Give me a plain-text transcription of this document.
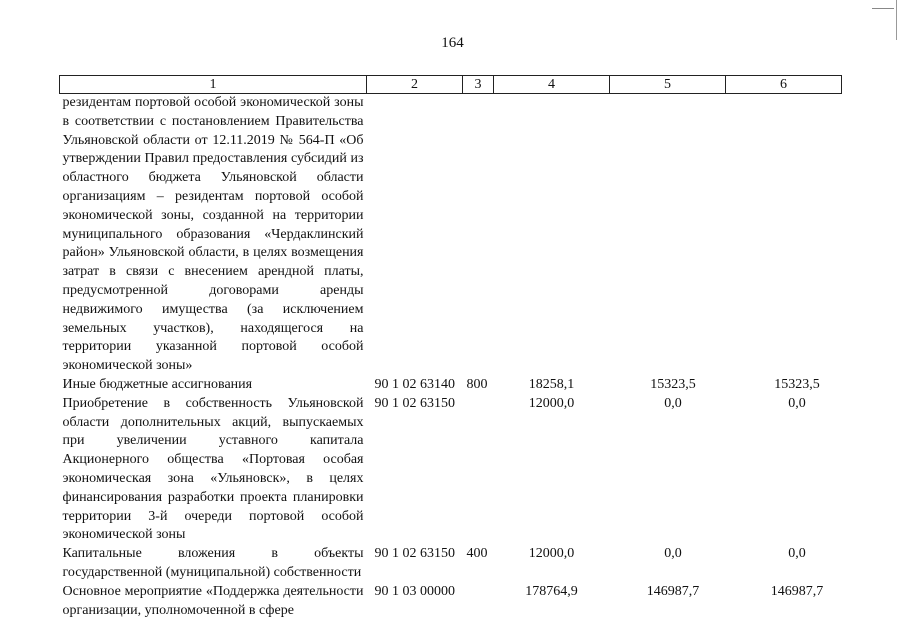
164
1	2	3	4	5	6
резидентам портовой особой экономической зоны в соответствии с постановлением Правительства Ульяновской области от 12.11.2019 № 564-П «Об утверждении Правил предоставления субсидий из областного бюджета Ульяновской области организациям – резидентам портовой особой экономической зоны, созданной на территории муниципального образования «Чердаклинский район» Ульяновской области, в целях возмещения затрат в связи с внесением арендной платы, предусмотренной договорами аренды недвижимого имущества (за исключением земельных участков), находящегося на территории указанной портовой особой экономической зоны»					
Иные бюджетные ассигнования	90 1 02 63140	800	18258,1	15323,5	15323,5
Приобретение в собственность Ульяновской области дополнительных акций, выпускаемых при увеличении уставного капитала Акционерного общества «Портовая особая экономическая зона «Ульяновск», в целях финансирования разработки проекта планировки территории 3-й очереди портовой особой экономической зоны	90 1 02 63150		12000,0	0,0	0,0
Капитальные вложения в объекты государственной (муниципальной) собственности	90 1 02 63150	400	12000,0	0,0	0,0
Основное мероприятие «Поддержка деятельности организации, уполномоченной в сфере	90 1 03 00000		178764,9	146987,7	146987,7
